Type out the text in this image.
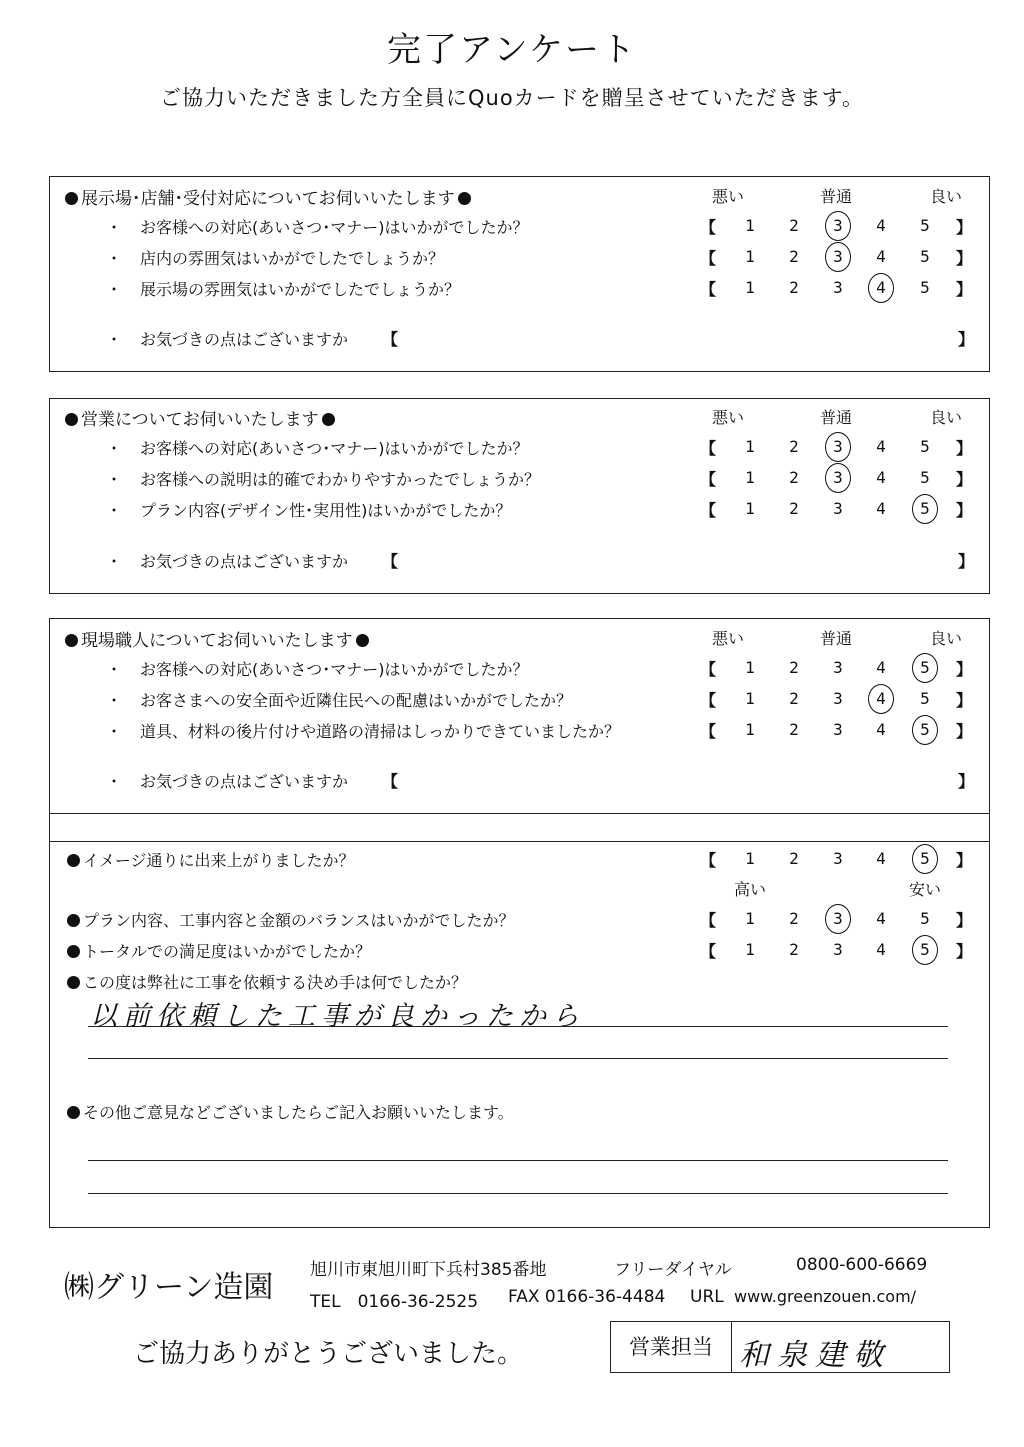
完了アンケート
ご協力いただきました方全員にQuoカードを贈呈させていただきます。
展示場･店舗･受付対応についてお伺いいたします	悪い	普通	良い
・ お客様への対応(あいさつ･マナー)はいかがでしたか？	【	1	2	3	4	5	】
・ 店内の雰囲気はいかがでしたでしょうか？	【	1	2	3	4	5	】
・ 展示場の雰囲気はいかがでしたでしょうか？	【	1	2	3	4	5	】
・ お気づきの点はございますか 【	】
営業についてお伺いいたします	悪い	普通	良い
・ お客様への対応(あいさつ･マナー)はいかがでしたか？	【	1	2	3	4	5	】
・ お客様への説明は的確でわかりやすかったでしょうか？	【	1	2	3	4	5	】
・ プラン内容(デザイン性･実用性)はいかがでしたか？	【	1	2	3	4	5	】
・ お気づきの点はございますか 【	】
現場職人についてお伺いいたします	悪い	普通	良い
・ お客様への対応(あいさつ･マナー)はいかがでしたか？	【	1	2	3	4	5	】
・ お客さまへの安全面や近隣住民への配慮はいかがでしたか？	【	1	2	3	4	5	】
・ 道具、材料の後片付けや道路の清掃はしっかりできていましたか？	【	1	2	3	4	5	】
・ お気づきの点はございますか 【	】
イメージ通りに出来上がりましたか？	【	1	2	3	4	5	】
高い	安い
プラン内容、工事内容と金額のバランスはいかがでしたか？	【	1	2	3	4	5	】
トータルでの満足度はいかがでしたか？	【	1	2	3	4	5	】
この度は弊社に工事を依頼する決め手は何でしたか？
以前依頼した工事が良かったから
その他ご意見などございましたらご記入お願いいたします。
㈱グリーン造園 旭川市東旭川町下兵村385番地	フリーダイヤル	0800-600-6669
TEL　0166-36-2525 FAX 0166-36-4484 URL www.greenzouen.com/
ご協力ありがとうございました。	営業担当 和泉建敬
